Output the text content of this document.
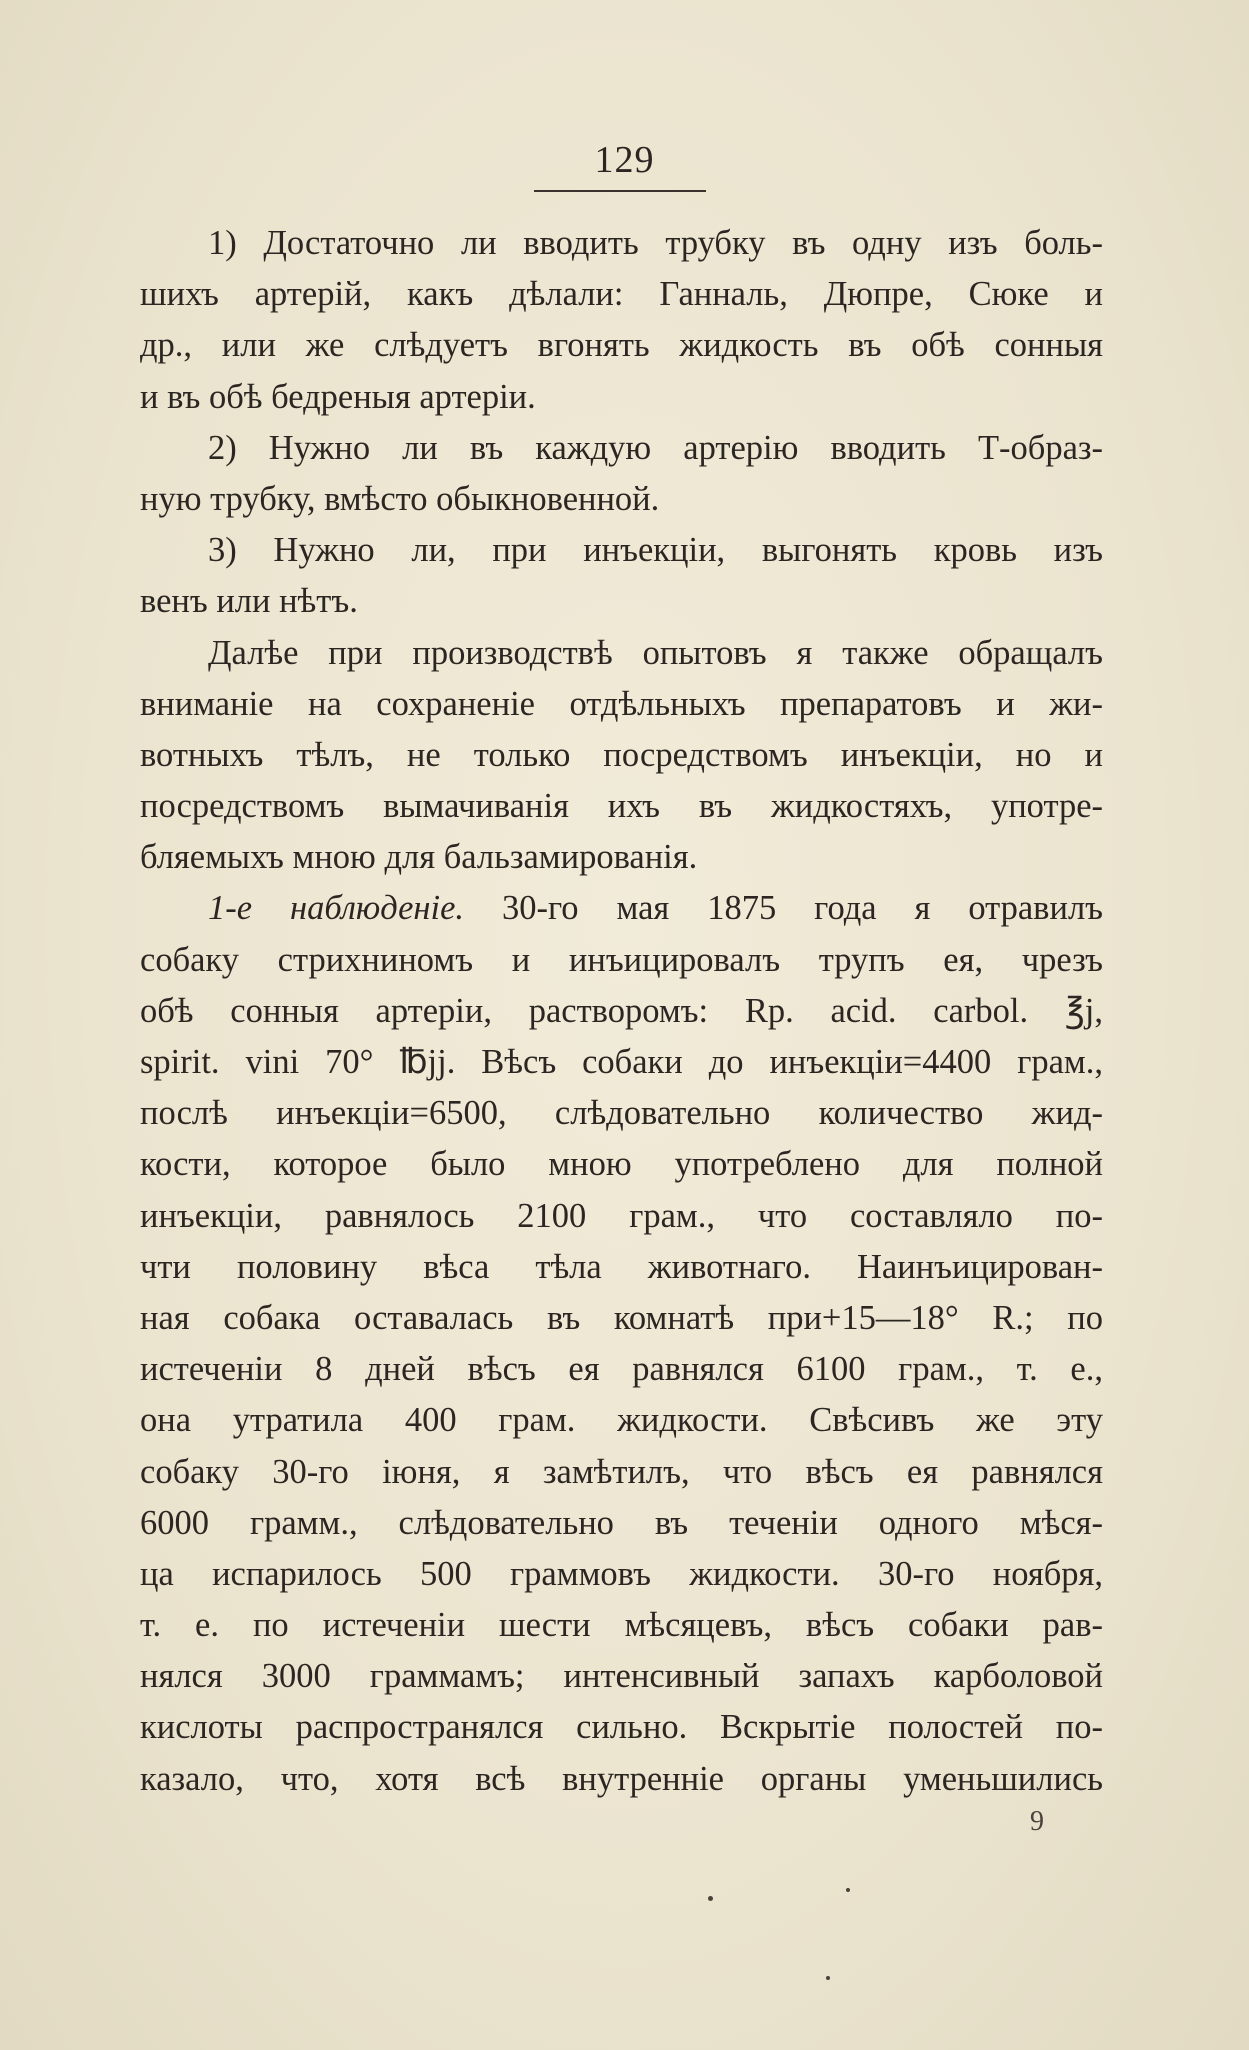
129
1) Достаточно ли вводить трубку въ одну изъ боль-
шихъ артерій, какъ дѣлали: Ганналь, Дюпре, Сюке и
др., или же слѣдуетъ вгонять жидкость въ обѣ сонныя
и въ обѣ бедреныя артеріи.
2) Нужно ли въ каждую артерію вводить Т-образ-
ную трубку, вмѣсто обыкновенной.
3) Нужно ли, при инъекціи, выгонять кровь изъ
венъ или нѣтъ.
Далѣе при производствѣ опытовъ я также обращалъ
вниманіе на сохраненіе отдѣльныхъ препаратовъ и жи-
вотныхъ тѣлъ, не только посредствомъ инъекціи, но и
посредствомъ вымачиванія ихъ въ жидкостяхъ, употре-
бляемыхъ мною для бальзамированія.
1-е наблюденіе. 30-го мая 1875 года я отравилъ
собаку стрихниномъ и инъицировалъ трупъ ея, чрезъ
обѣ сонныя артеріи, растворомъ: Rp. acid. carbol. ℥j,
spirit. vini 70° ℔jj. Вѣсъ собаки до инъекціи=4400 грам.,
послѣ инъекціи=6500, слѣдовательно количество жид-
кости, которое было мною употреблено для полной
инъекціи, равнялось 2100 грам., что составляло по-
чти половину вѣса тѣла животнаго. Наинъицирован-
ная собака оставалась въ комнатѣ при+15—18° R.; по
истеченіи 8 дней вѣсъ ея равнялся 6100 грам., т. е.,
она утратила 400 грам. жидкости. Свѣсивъ же эту
собаку 30-го іюня, я замѣтилъ, что вѣсъ ея равнялся
6000 грамм., слѣдовательно въ теченіи одного мѣся-
ца испарилось 500 граммовъ жидкости. 30-го ноября,
т. е. по истеченіи шести мѣсяцевъ, вѣсъ собаки рав-
нялся 3000 граммамъ; интенсивный запахъ карболовой
кислоты распространялся сильно. Вскрытіе полостей по-
казало, что, хотя всѣ внутренніе органы уменьшились
9
